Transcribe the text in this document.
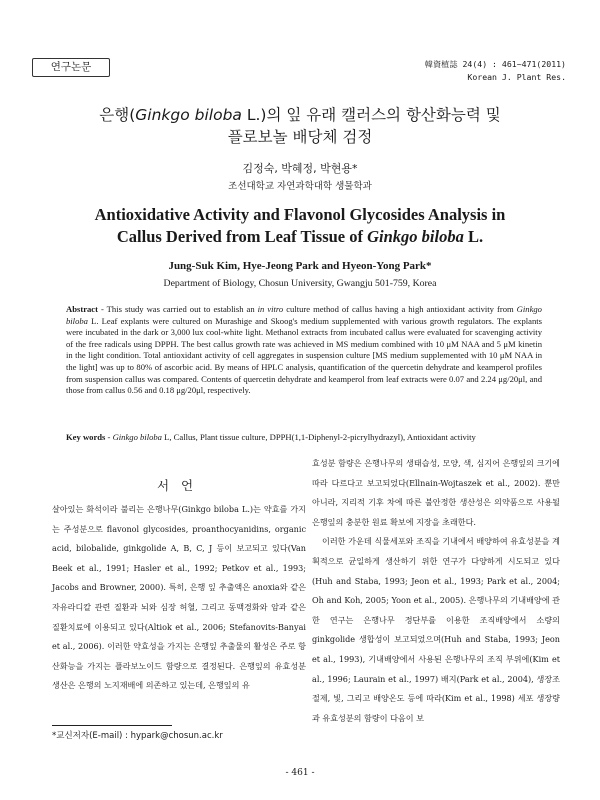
연구논문	韓資植誌 24(4) : 461~471(2011)
Korean J. Plant Res.
은행(Ginkgo biloba L.)의 잎 유래 캘러스의 항산화능력 및
플로보놀 배당체 검정
김정숙, 박혜정, 박현용*
조선대학교 자연과학대학 생물학과
Antioxidative Activity and Flavonol Glycosides Analysis in
Callus Derived from Leaf Tissue of Ginkgo biloba L.
Jung-Suk Kim, Hye-Jeong Park and Hyeon-Yong Park*
Department of Biology, Chosun University, Gwangju 501-759, Korea
Abstract - This study was carried out to establish an in vitro culture method of callus having a high antioxidant activity from Ginkgo biloba L. Leaf explants were cultured on Murashige and Skoog's medium supplemented with various growth regulators. The explants were incubated in the dark or 3,000 lux cool-white light. Methanol extracts from incubated callus were evaluated for scavenging activity of the free radicals using DPPH. The best callus growth rate was achieved in MS medium combined with 10 μM NAA and 5 μM kinetin in the light condition. Total antioxidant activity of cell aggregates in suspension culture [MS medium supplemented with 10 μM NAA in the light] was up to 80% of ascorbic acid. By means of HPLC analysis, quantification of the quercetin dehydrate and keamperol profiles from suspension callus was compared. Contents of quercetin dehydrate and keamperol from leaf extracts were 0.07 and 2.24 μg/20μl, and those from callus 0.56 and 0.18 μg/20μl, respectively.
Key words - Ginkgo biloba L, Callus, Plant tissue culture, DPPH(1,1-Diphenyl-2-picrylhydrazyl), Antioxidant activity
서 언

살아있는 화석이라 불리는 은행나무(Ginkgo biloba L.)는 약효를 가지는 주성분으로 flavonol glycosides, proanthocyanidins, organic acid, bilobalide, ginkgolide A, B, C, J 등이 보고되고 있다(Van Beek et al., 1991; Hasler et al., 1992; Petkov et al., 1993; Jacobs and Browner, 2000). 특히, 은행 잎 추출액은 anoxia와 같은 자유라디칼 관련 질환과 뇌와 심장 허혈, 그리고 동맥경화와 암과 같은 질환치료에 이용되고 있다(Altiok et al., 2006; Stefanovits-Banyai et al., 2006). 이러한 약효성을 가지는 은행잎 추출물의 활성은 주로 항산화능을 가지는 플라보노이드 함량으로 결정된다. 은행잎의 유효성분 생산은 은행의 노지재배에 의존하고 있는데, 은행잎의 유

효성분 함량은 은행나무의 생태습성, 모양, 색, 심지어 은행잎의 크기에 따라 다르다고 보고되었다(Ellnain-Wojtaszek et al., 2002). 뿐만 아니라, 지리적 기후 차에 따른 불안정한 생산성은 의약품으로 사용될 은행잎의 충분한 원료 확보에 지장을 초래한다.

이러한 가운데 식물세포와 조직을 기내에서 배양하여 유효성분을 계획적으로 균일하게 생산하기 위한 연구가 다양하게 시도되고 있다(Huh and Staba, 1993; Jeon et al., 1993; Park et al., 2004; Oh and Koh, 2005; Yoon et al., 2005). 은행나무의 기내배양에 관한 연구는 은행나무 정단부를 이용한 조직배양에서 소량의 ginkgolide 생합성이 보고되었으며(Huh and Staba, 1993; Jeon et al., 1993), 기내배양에서 사용된 은행나무의 조직 부위에(Kim et al., 1996; Laurain et al., 1997) 배지(Park et al., 2004), 생장조절제, 빛, 그리고 배양온도 등에 따라(Kim et al., 1998) 세포 생장량과 유효성분의 함량이 다음이 보

*교신저자(E-mail) : hypark@chosun.ac.kr
- 461 -
